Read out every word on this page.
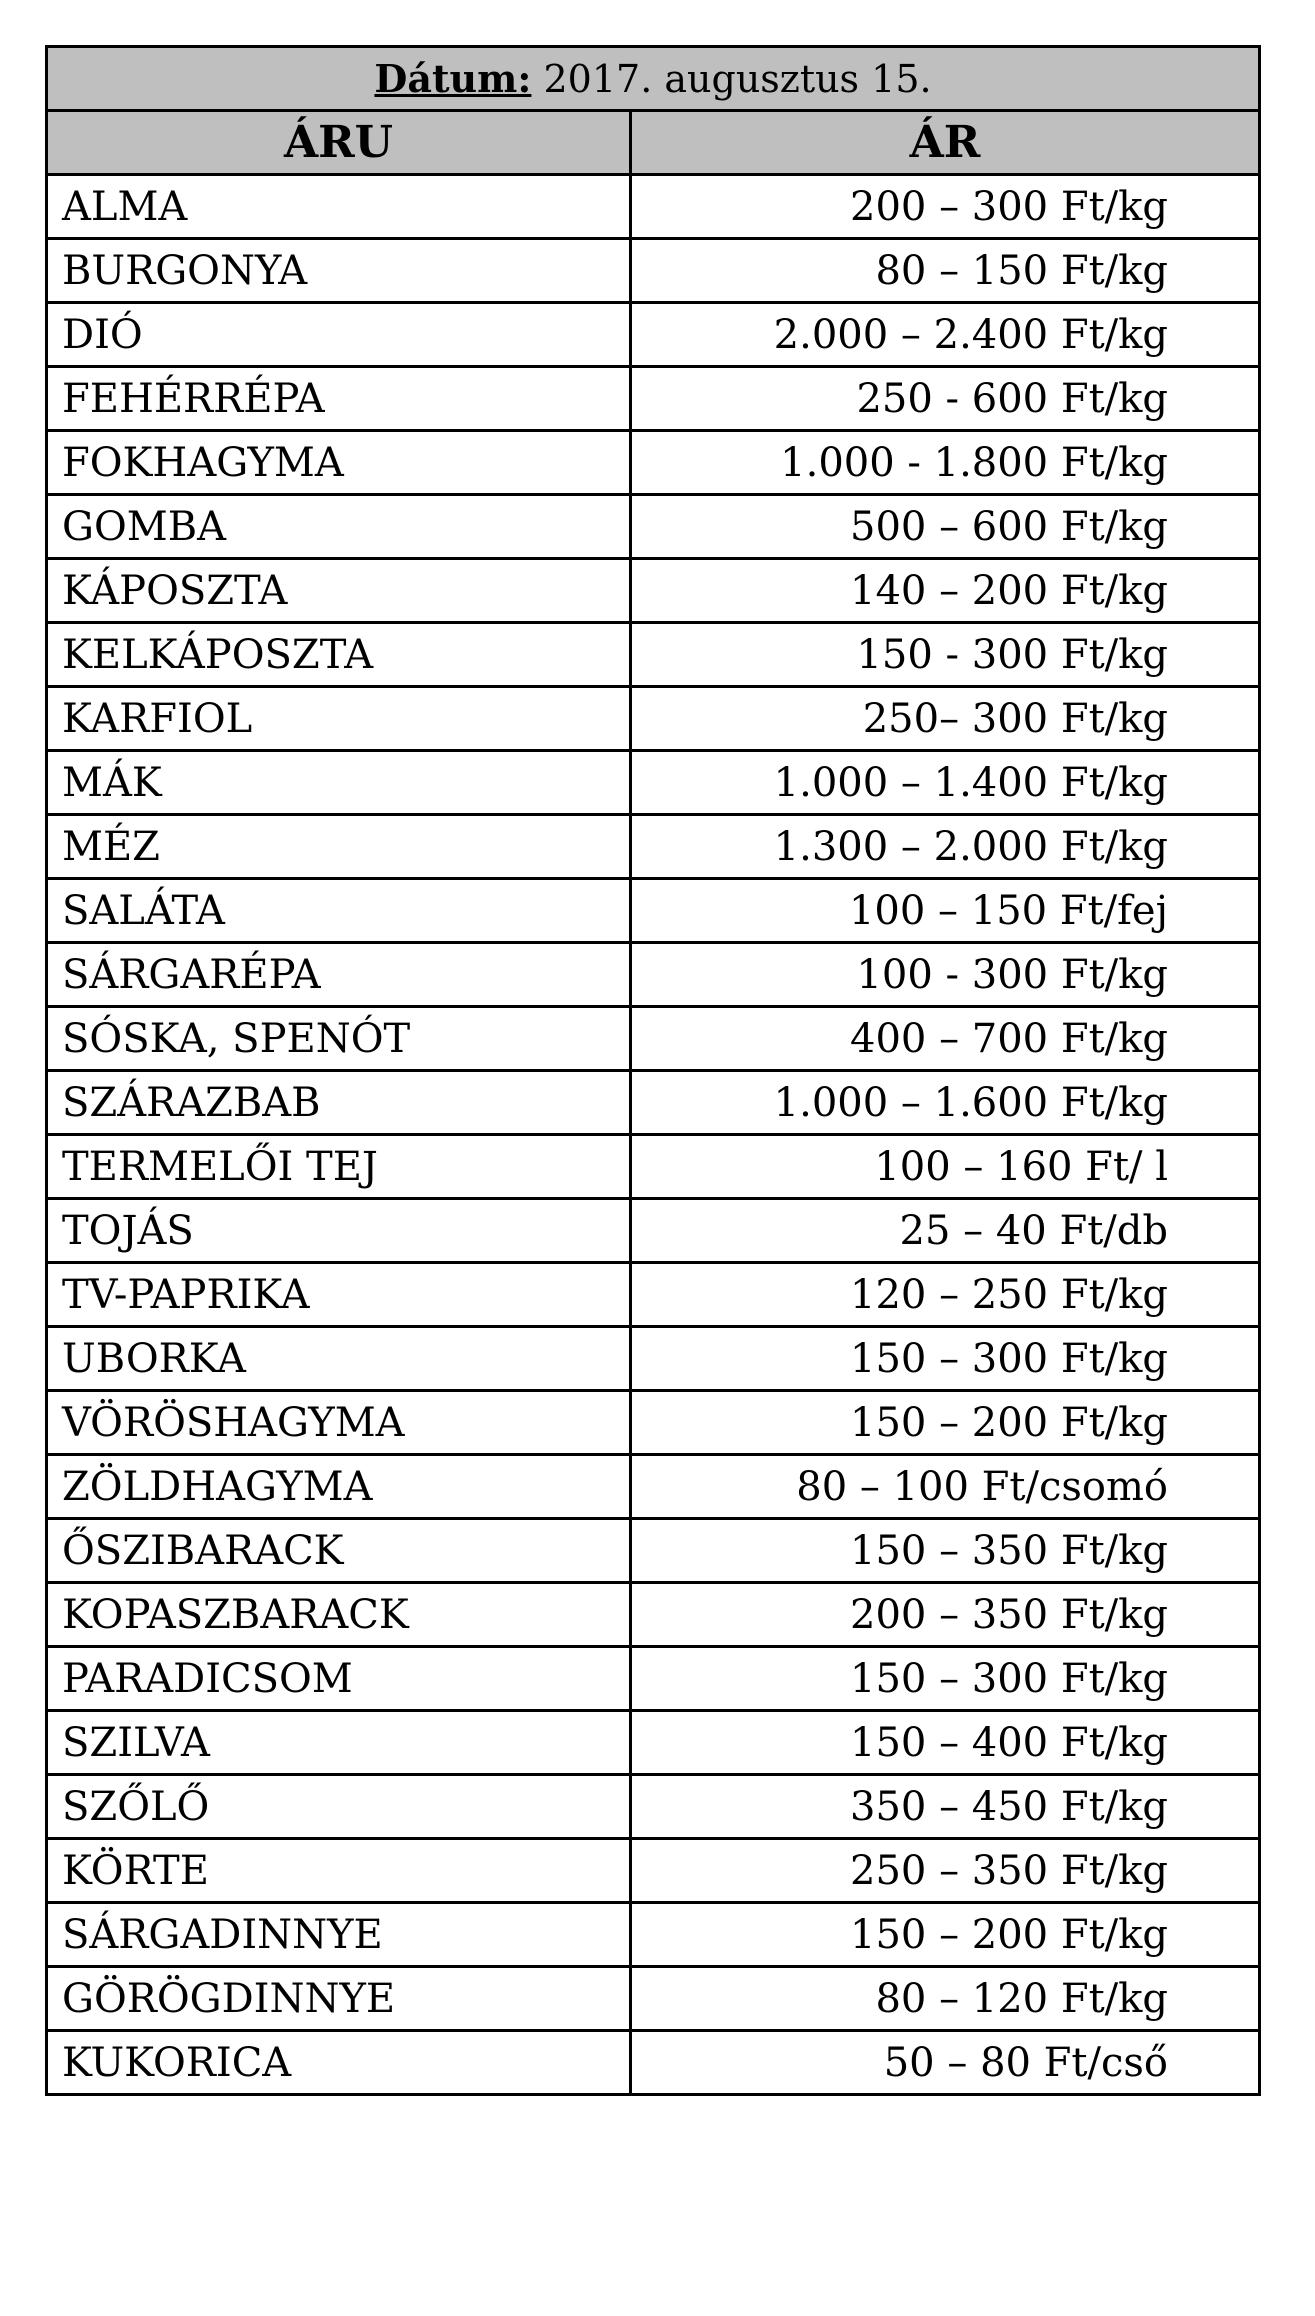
Dátum: 2017. augusztus 15.	
ÁRU	ÁR
ALMA	200 – 300 Ft/kg
BURGONYA	80 – 150 Ft/kg
DIÓ	2.000 – 2.400 Ft/kg
FEHÉRRÉPA	250 - 600 Ft/kg
FOKHAGYMA	1.000 - 1.800 Ft/kg
GOMBA	500 – 600 Ft/kg
KÁPOSZTA	140 – 200 Ft/kg
KELKÁPOSZTA	150 - 300 Ft/kg
KARFIOL	250– 300 Ft/kg
MÁK	1.000 – 1.400 Ft/kg
MÉZ	1.300 – 2.000 Ft/kg
SALÁTA	100 – 150 Ft/fej
SÁRGARÉPA	100 - 300 Ft/kg
SÓSKA, SPENÓT	400 – 700 Ft/kg
SZÁRAZBAB	1.000 – 1.600 Ft/kg
TERMELŐI TEJ	100 – 160 Ft/ l
TOJÁS	25 – 40 Ft/db
TV-PAPRIKA	120 – 250 Ft/kg
UBORKA	150 – 300 Ft/kg
VÖRÖSHAGYMA	150 – 200 Ft/kg
ZÖLDHAGYMA	80 – 100 Ft/csomó
ŐSZIBARACK	150 – 350 Ft/kg
KOPASZBARACK	200 – 350 Ft/kg
PARADICSOM	150 – 300 Ft/kg
SZILVA	150 – 400 Ft/kg
SZŐLŐ	350 – 450 Ft/kg
KÖRTE	250 – 350 Ft/kg
SÁRGADINNYE	150 – 200 Ft/kg
GÖRÖGDINNYE	80 – 120 Ft/kg
KUKORICA	50 – 80 Ft/cső
